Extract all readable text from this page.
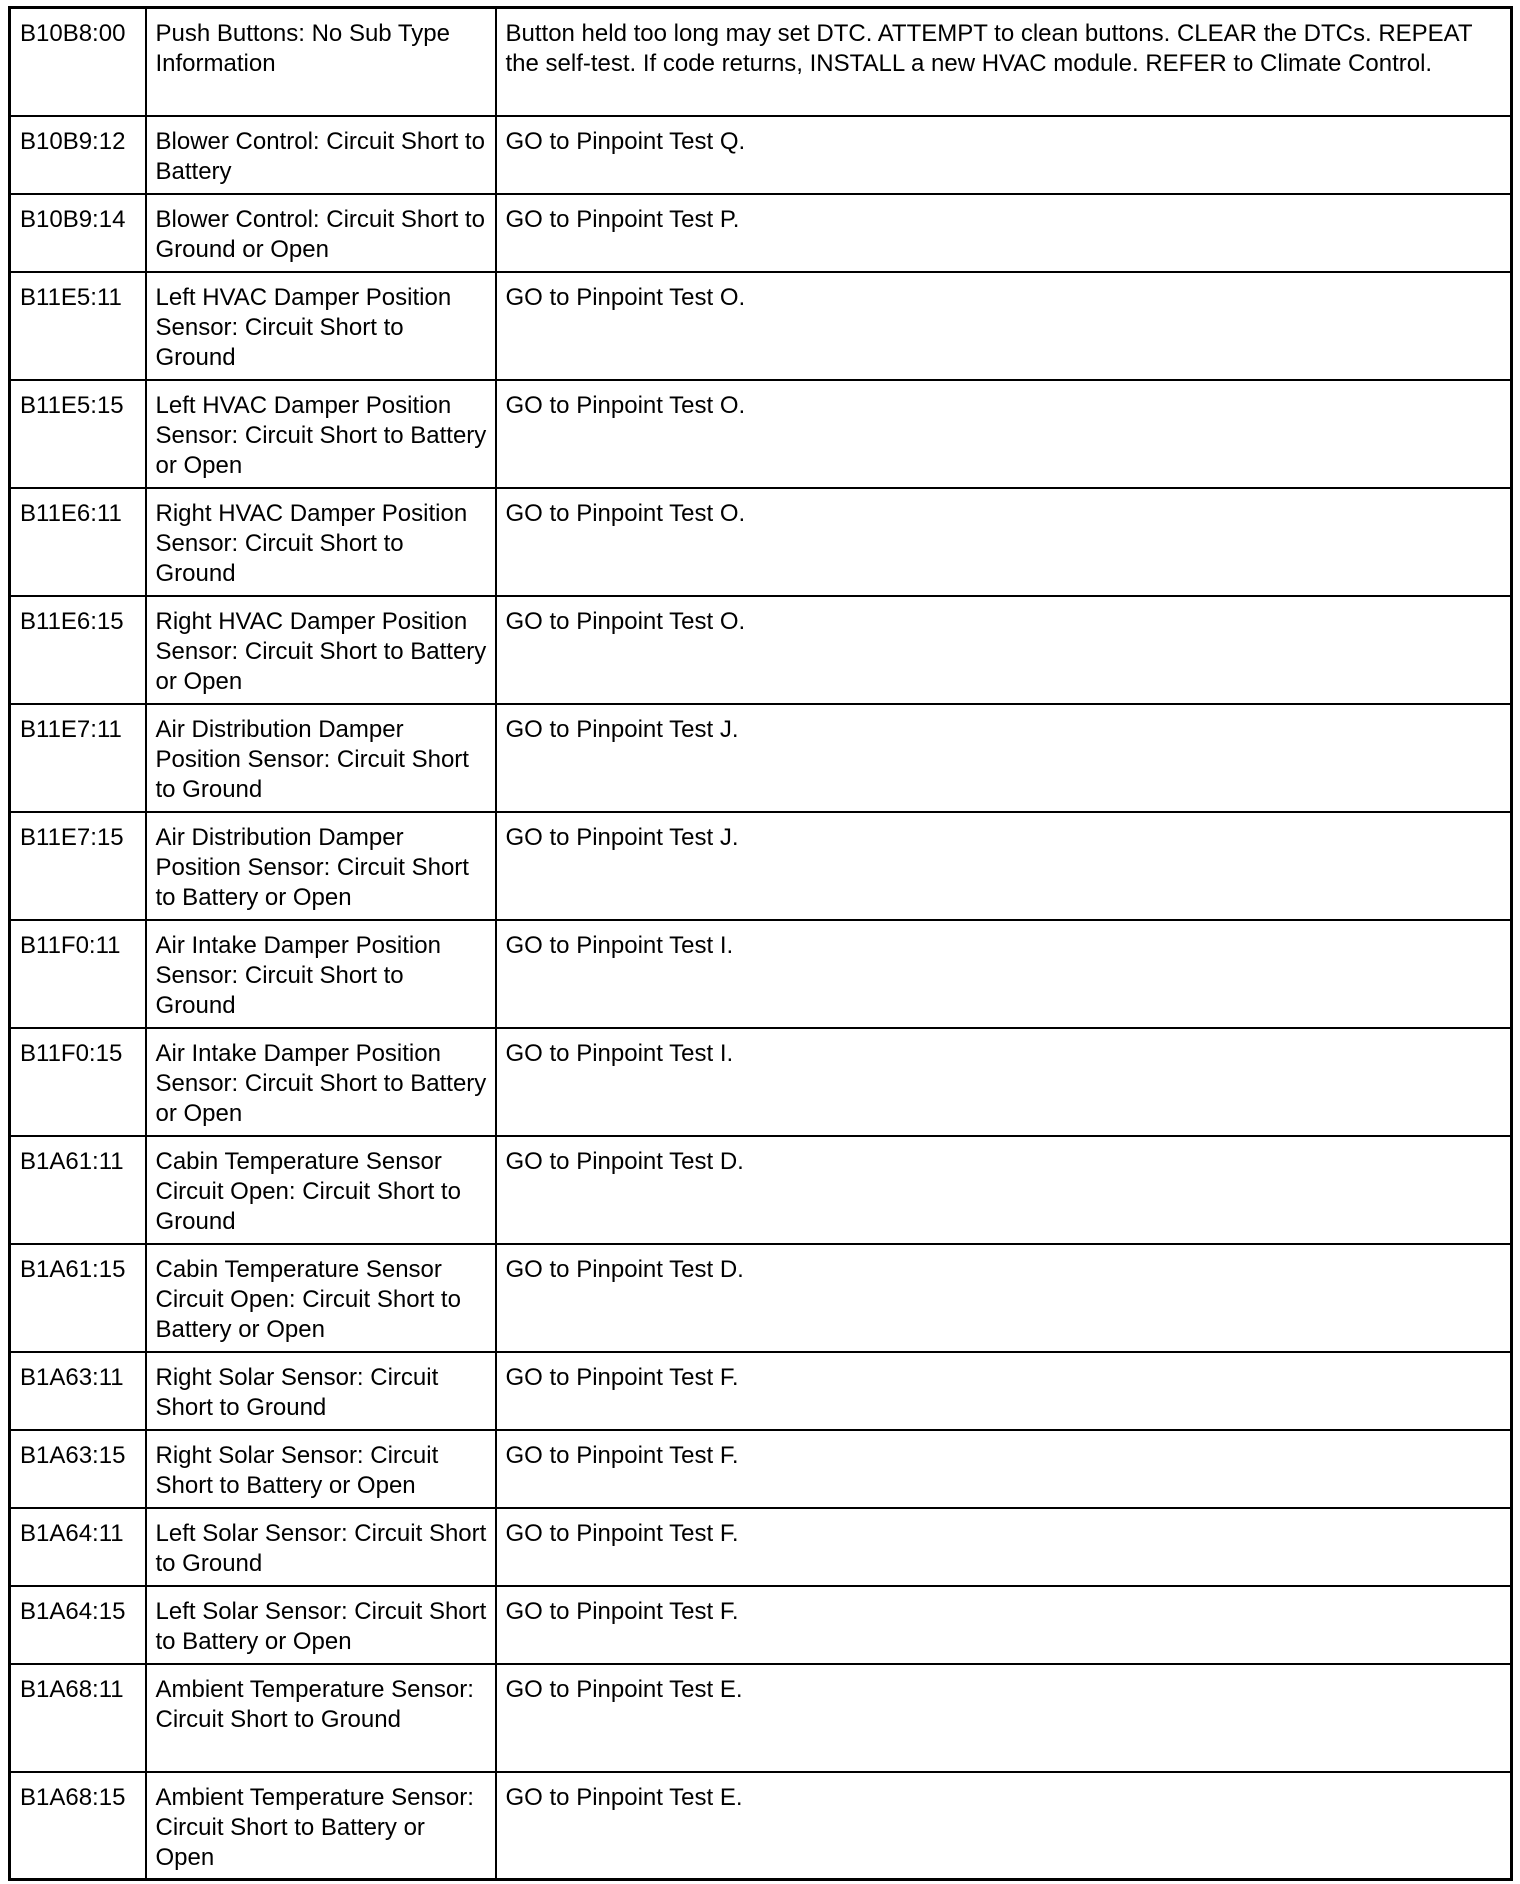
B10B8:00	Push Buttons: No Sub Type Information	Button held too long may set DTC. ATTEMPT to clean buttons. CLEAR the DTCs. REPEAT the self-test. If code returns, INSTALL a new HVAC module. REFER to Climate Control.
B10B9:12	Blower Control: Circuit Short to Battery	GO to Pinpoint Test Q.
B10B9:14	Blower Control: Circuit Short to Ground or Open	GO to Pinpoint Test P.
B11E5:11	Left HVAC Damper Position Sensor: Circuit Short to Ground	GO to Pinpoint Test O.
B11E5:15	Left HVAC Damper Position Sensor: Circuit Short to Battery or Open	GO to Pinpoint Test O.
B11E6:11	Right HVAC Damper Position Sensor: Circuit Short to Ground	GO to Pinpoint Test O.
B11E6:15	Right HVAC Damper Position Sensor: Circuit Short to Battery or Open	GO to Pinpoint Test O.
B11E7:11	Air Distribution Damper Position Sensor: Circuit Short to Ground	GO to Pinpoint Test J.
B11E7:15	Air Distribution Damper Position Sensor: Circuit Short to Battery or Open	GO to Pinpoint Test J.
B11F0:11	Air Intake Damper Position Sensor: Circuit Short to Ground	GO to Pinpoint Test I.
B11F0:15	Air Intake Damper Position Sensor: Circuit Short to Battery or Open	GO to Pinpoint Test I.
B1A61:11	Cabin Temperature Sensor Circuit Open: Circuit Short to Ground	GO to Pinpoint Test D.
B1A61:15	Cabin Temperature Sensor Circuit Open: Circuit Short to Battery or Open	GO to Pinpoint Test D.
B1A63:11	Right Solar Sensor: Circuit Short to Ground	GO to Pinpoint Test F.
B1A63:15	Right Solar Sensor: Circuit Short to Battery or Open	GO to Pinpoint Test F.
B1A64:11	Left Solar Sensor: Circuit Short to Ground	GO to Pinpoint Test F.
B1A64:15	Left Solar Sensor: Circuit Short to Battery or Open	GO to Pinpoint Test F.
B1A68:11	Ambient Temperature Sensor: Circuit Short to Ground	GO to Pinpoint Test E.
B1A68:15	Ambient Temperature Sensor: Circuit Short to Battery or Open	GO to Pinpoint Test E.
